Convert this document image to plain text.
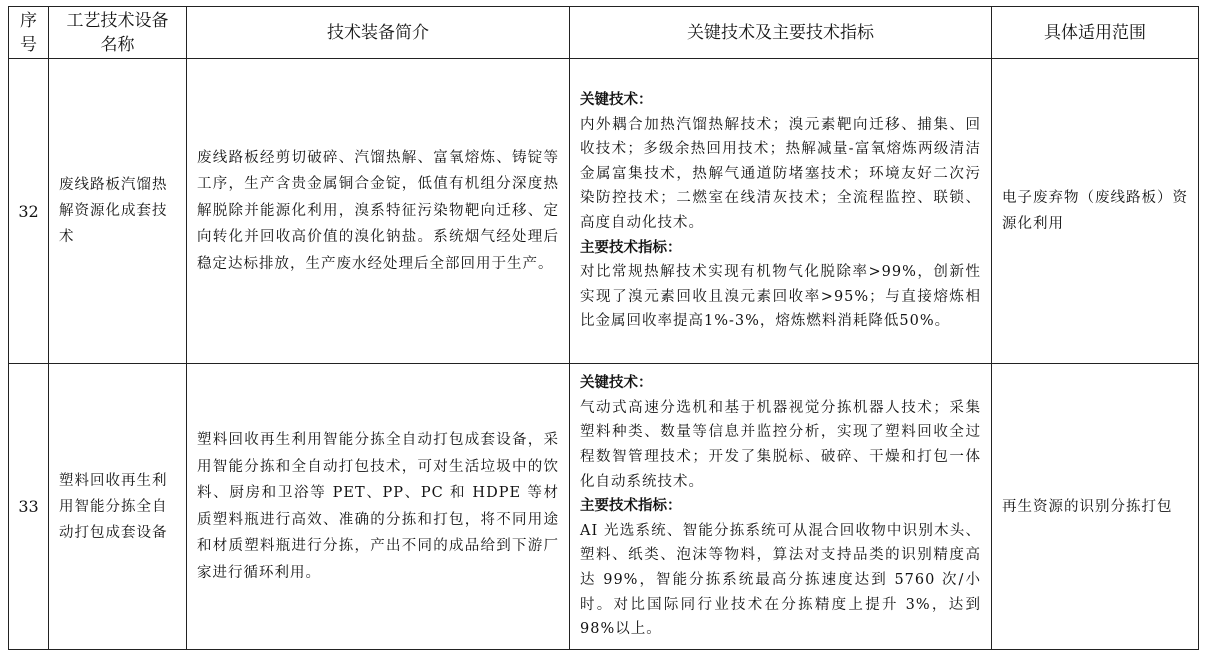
序号	工艺技术设备名称	技术装备简介	关键技术及主要技术指标	具体适用范围
32	废线路板汽馏热解资源化成套技术	废线路板经剪切破碎、汽馏热解、富氧熔炼、铸锭等工序，生产含贵金属铜合金锭，低值有机组分深度热解脱除并能源化利用，溴系特征污染物靶向迁移、定向转化并回收高价值的溴化钠盐。系统烟气经处理后稳定达标排放，生产废水经处理后全部回用于生产。	关键技术：
内外耦合加热汽馏热解技术；溴元素靶向迁移、捕集、回收技术；多级余热回用技术；热解减量-富氧熔炼两级清洁金属富集技术，热解气通道防堵塞技术；环境友好二次污染防控技术；二燃室在线清灰技术；全流程监控、联锁、高度自动化技术。
主要技术指标：
对比常规热解技术实现有机物气化脱除率>99%，创新性实现了溴元素回收且溴元素回收率>95%；与直接熔炼相比金属回收率提高1%-3%，熔炼燃料消耗降低50%。	电子废弃物（废线路板）资源化利用
33	塑料回收再生利用智能分拣全自动打包成套设备	塑料回收再生利用智能分拣全自动打包成套设备，采用智能分拣和全自动打包技术，可对生活垃圾中的饮料、厨房和卫浴等 PET、PP、PC 和 HDPE 等材质塑料瓶进行高效、准确的分拣和打包，将不同用途和材质塑料瓶进行分拣，产出不同的成品给到下游厂家进行循环利用。	关键技术：
气动式高速分选机和基于机器视觉分拣机器人技术；采集塑料种类、数量等信息并监控分析，实现了塑料回收全过程数智管理技术；开发了集脱标、破碎、干燥和打包一体化自动系统技术。
主要技术指标：
AI 光选系统、智能分拣系统可从混合回收物中识别木头、塑料、纸类、泡沫等物料，算法对支持品类的识别精度高达 99%，智能分拣系统最高分拣速度达到 5760 次/小时。对比国际同行业技术在分拣精度上提升 3%，达到 98%以上。	再生资源的识别分拣打包
